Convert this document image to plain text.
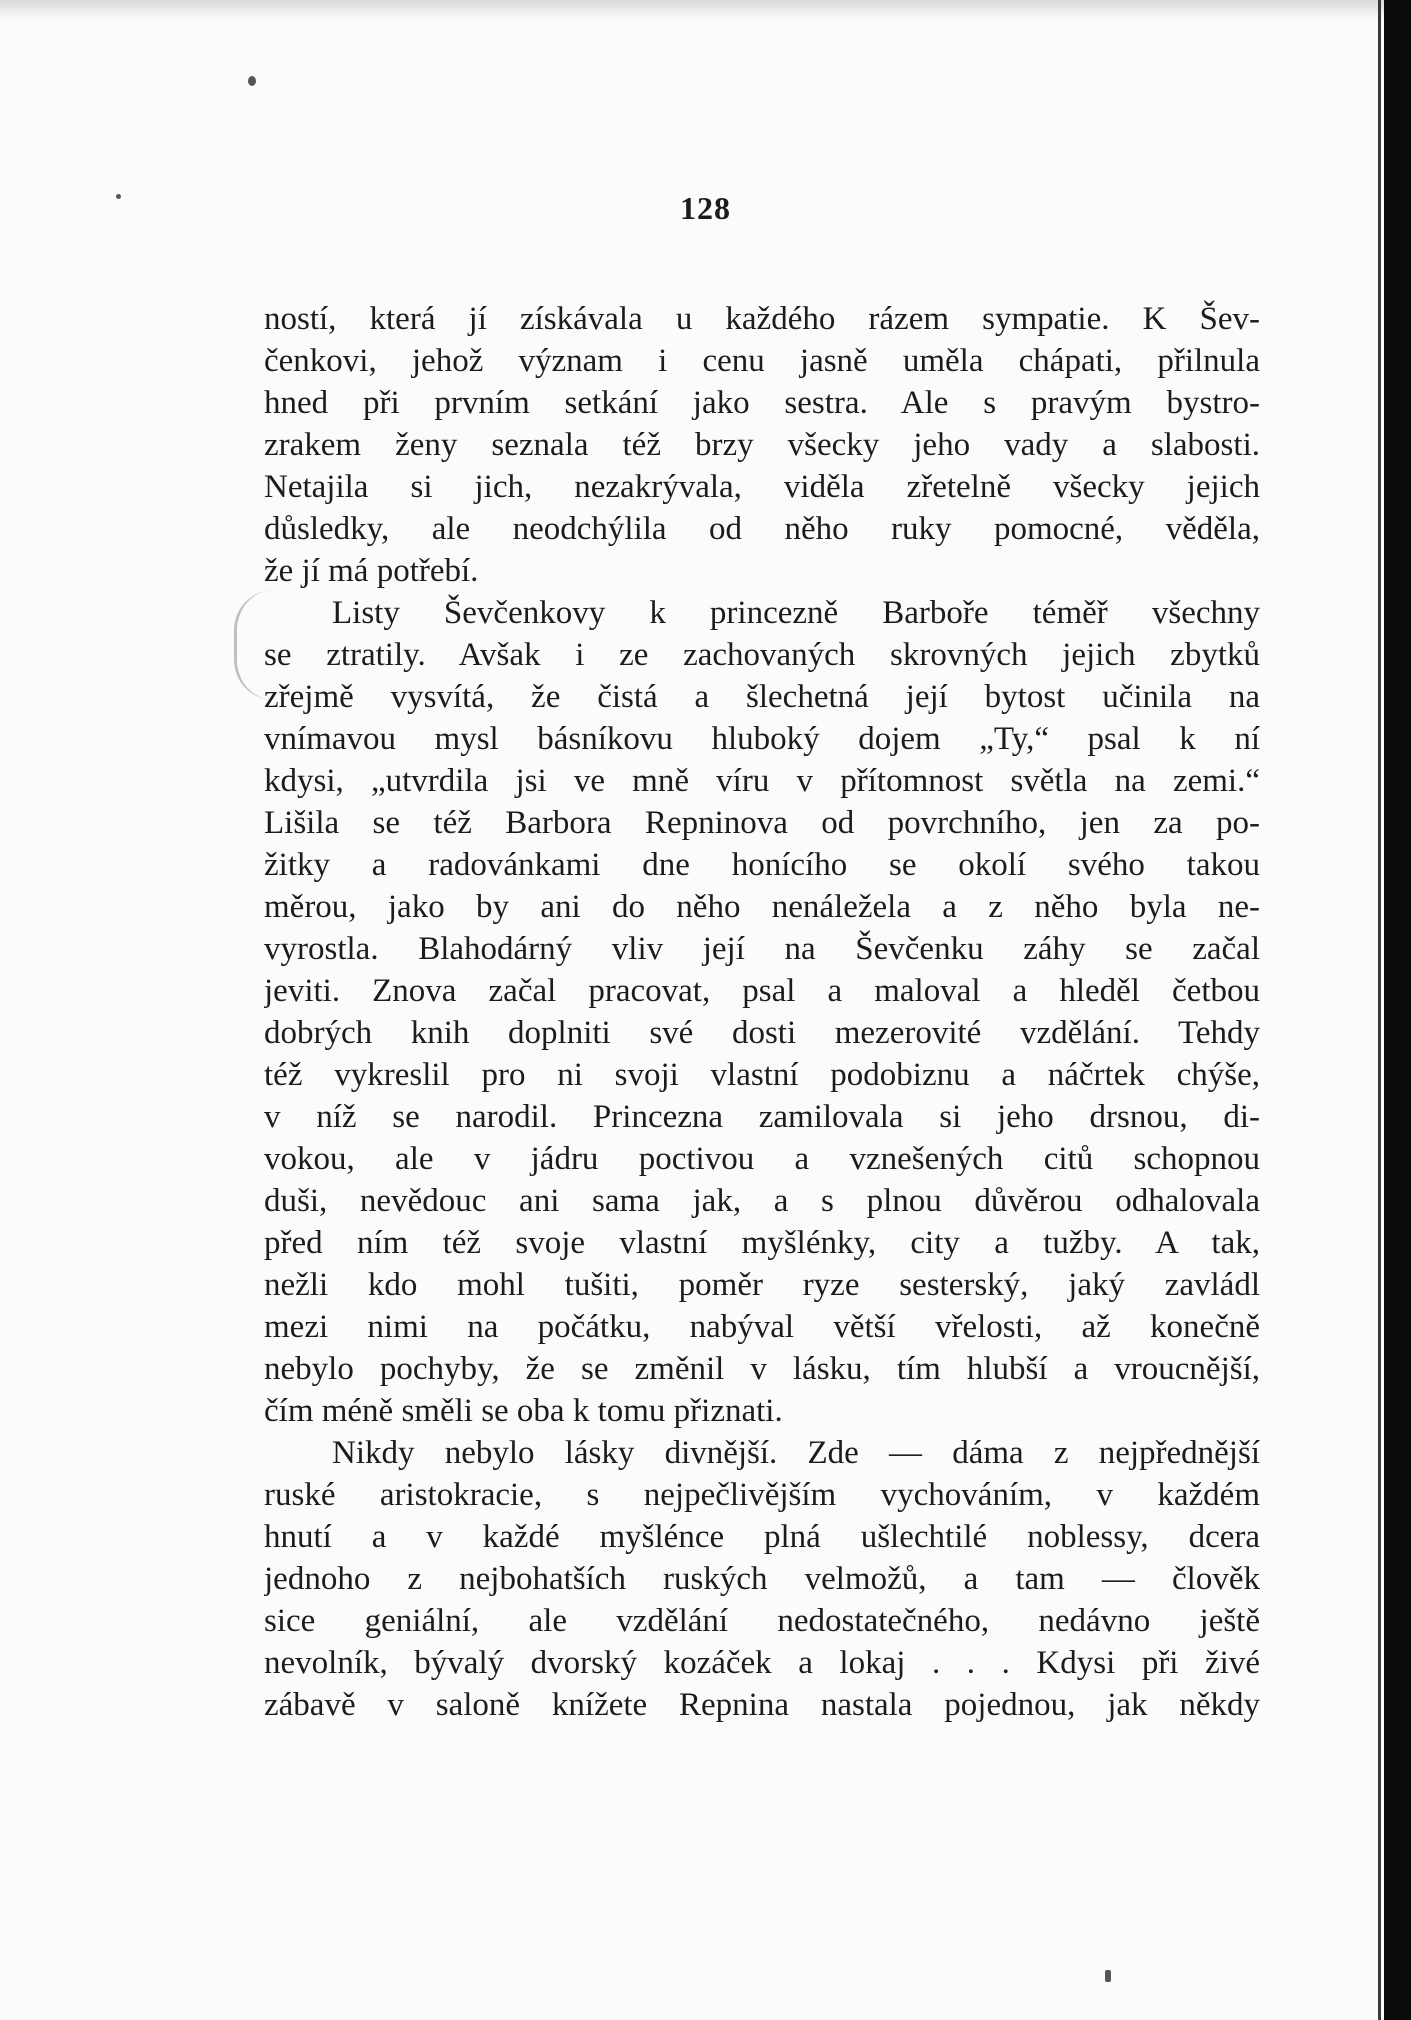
128
ností, která jí získávala u každého rázem sympatie. K Šev-
čenkovi, jehož význam i cenu jasně uměla chápati, přilnula
hned při prvním setkání jako sestra. Ale s pravým bystro-
zrakem ženy seznala též brzy všecky jeho vady a slabosti.
Netajila si jich, nezakrývala, viděla zřetelně všecky jejich
důsledky, ale neodchýlila od něho ruky pomocné, věděla,
že jí má potřebí.
Listy Ševčenkovy k princezně Barboře téměř všechny
se ztratily. Avšak i ze zachovaných skrovných jejich zbytků
zřejmě vysvítá, že čistá a šlechetná její bytost učinila na
vnímavou mysl básníkovu hluboký dojem „Ty,“ psal k ní
kdysi, „utvrdila jsi ve mně víru v přítomnost světla na zemi.“
Lišila se též Barbora Repninova od povrchního, jen za po-
žitky a radovánkami dne honícího se okolí svého takou
měrou, jako by ani do něho nenáležela a z něho byla ne-
vyrostla. Blahodárný vliv její na Ševčenku záhy se začal
jeviti. Znova začal pracovat, psal a maloval a hleděl četbou
dobrých knih doplniti své dosti mezerovité vzdělání. Tehdy
též vykreslil pro ni svoji vlastní podobiznu a náčrtek chýše,
v níž se narodil. Princezna zamilovala si jeho drsnou, di-
vokou, ale v jádru poctivou a vznešených citů schopnou
duši, nevědouc ani sama jak, a s plnou důvěrou odhalovala
před ním též svoje vlastní myšlénky, city a tužby. A tak,
nežli kdo mohl tušiti, poměr ryze sesterský, jaký zavládl
mezi nimi na počátku, nabýval větší vřelosti, až konečně
nebylo pochyby, že se změnil v lásku, tím hlubší a vroucnější,
čím méně směli se oba k tomu přiznati.
Nikdy nebylo lásky divnější. Zde — dáma z nejpřednější
ruské aristokracie, s nejpečlivějším vychováním, v každém
hnutí a v každé myšlénce plná ušlechtilé noblessy, dcera
jednoho z nejbohatších ruských velmožů, a tam — člověk
sice geniální, ale vzdělání nedostatečného, nedávno ještě
nevolník, bývalý dvorský kozáček a lokaj . . . Kdysi při živé
zábavě v saloně knížete Repnina nastala pojednou, jak někdy
